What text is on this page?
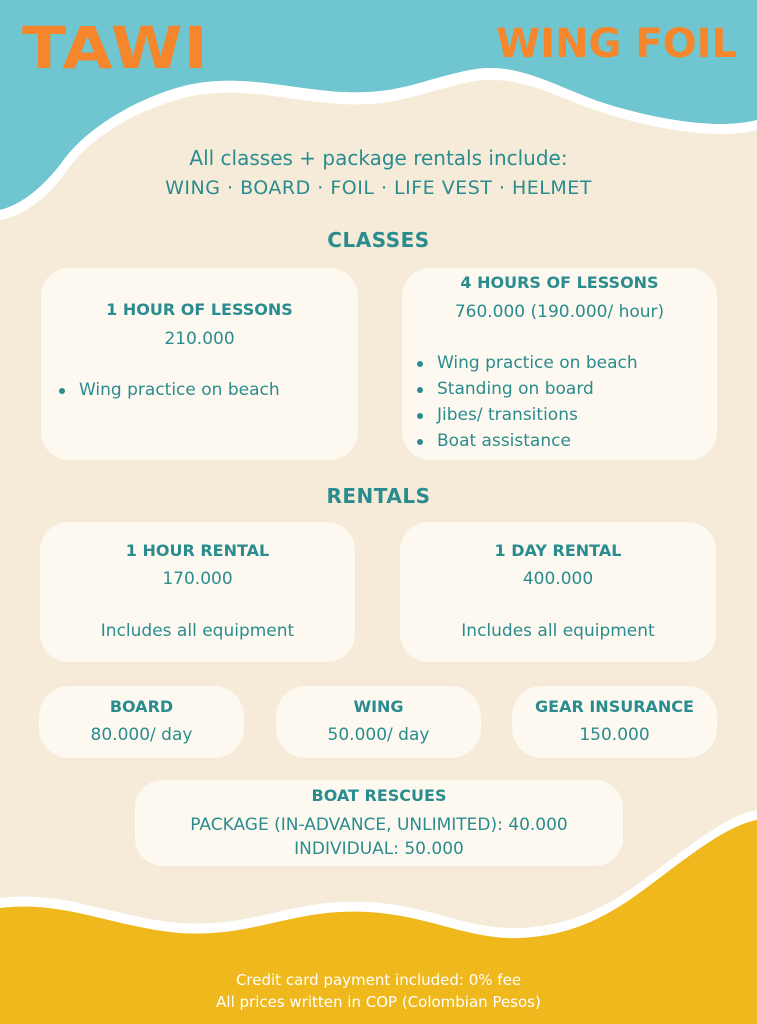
TAWI	WING FOIL
All classes + package rentals include:
WING · BOARD · FOIL · LIFE VEST · HELMET
CLASSES
1 HOUR OF LESSONS
210.000
Wing practice on beach
4 HOURS OF LESSONS
760.000 (190.000/ hour)
Wing practice on beach
Standing on board
Jibes/ transitions
Boat assistance
RENTALS
1 HOUR RENTAL
170.000
Includes all equipment
1 DAY RENTAL
400.000
Includes all equipment
BOARD
80.000/ day
WING
50.000/ day
GEAR INSURANCE
150.000
BOAT RESCUES
PACKAGE (IN-ADVANCE, UNLIMITED): 40.000
INDIVIDUAL: 50.000
Credit card payment included: 0% fee
All prices written in COP (Colombian Pesos)
